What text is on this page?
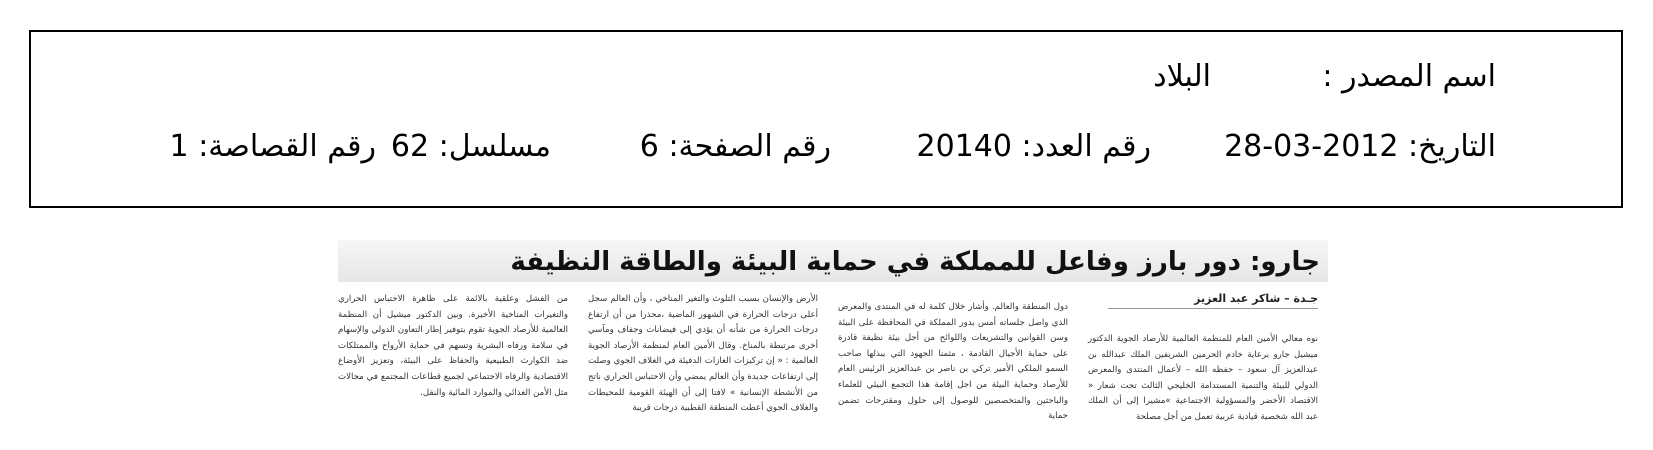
اسم المصدر :
البلاد
التاريخ: 2012-03-28
رقم العدد: 20140
رقم الصفحة: 6
مسلسل: 62
رقم القصاصة: 1
جارو: دور بارز وفاعل للمملكة في حماية البيئة والطاقة النظيفة
جـدة – شاكر عبد العزيز
نوه معالي الأمين العام للمنظمة العالمية للأرصاد الجوية الدكتور ميشيل جارو برعاية خادم الحرمين الشريفين الملك عبدالله بن عبدالعزيز آل سعود – حفظه الله – لأعمال المنتدى والمعرض الدولي للبيئة والتنمية المستدامة الخليجي الثالث تحت شعار « الاقتصاد الأخضر والمسؤولية الاجتماعية »مشيرا إلى أن الملك عبد الله شخصية قيادية عربية تعمل من أجل مصلحة
دول المنطقة والعالم. وأشار خلال كلمة له في المنتدى والمعرض الذي واصل جلساته أمس بدور المملكة في المحافظة على البيئة وسن القوانين والتشريعات واللوائح من أجل بيئة نظيفة قادرة على حماية الأجيال القادمة ، مثمنا الجهود التي يبذلها صاحب السمو الملكي الأمير تركي بن ناصر بن عبدالعزيز الرئيس العام للأرصاد وحماية البيئة من اجل إقامة هذا التجمع البيئي للعلماء والباحثين والمتخصصين للوصول إلى حلول ومقترحات تضمن حماية
الأرض والإنسان بسبب التلوث والتغير المناخي ، وأن العالم سجل أعلى درجات الحرارة في الشهور الماضية ،محذرا من أن ارتفاع درجات الحرارة من شأنه أن يؤدي إلى فيضانات وجفاف ومآسي أخرى مرتبطة بالمناخ. وقال الأمين العام لمنظمة الأرصاد الجوية العالمية : « إن تركيزات الغازات الدفيئة في الغلاف الجوي وصلت إلى ارتفاعات جديدة وأن العالم يمضي وأن الاحتباس الحراري ناتج من الأنشطة الإنسانية » لافتا إلى أن الهيئة القومية للمحيطات والغلاف الجوي أعطت المنطقة القطبية درجات قريبة
من الفشل وعلقية بالائمة على ظاهرة الاحتباس الحراري والتغيرات المناخية الأخيرة. وبين الدكتور ميشيل أن المنظمة العالمية للأرصاد الجوية تقوم بتوفير إطار التعاون الدولي والإسهام في سلامة ورفاه البشرية وتسهم في حماية الأرواح والممتلكات ضد الكوارث الطبيعية والحفاظ على البيئة، وتعزيز الأوضاع الاقتصادية والرفاه الاجتماعي لجميع قطاعات المجتمع في مجالات مثل الأمن الغذائي والموارد المائية والنقل.
